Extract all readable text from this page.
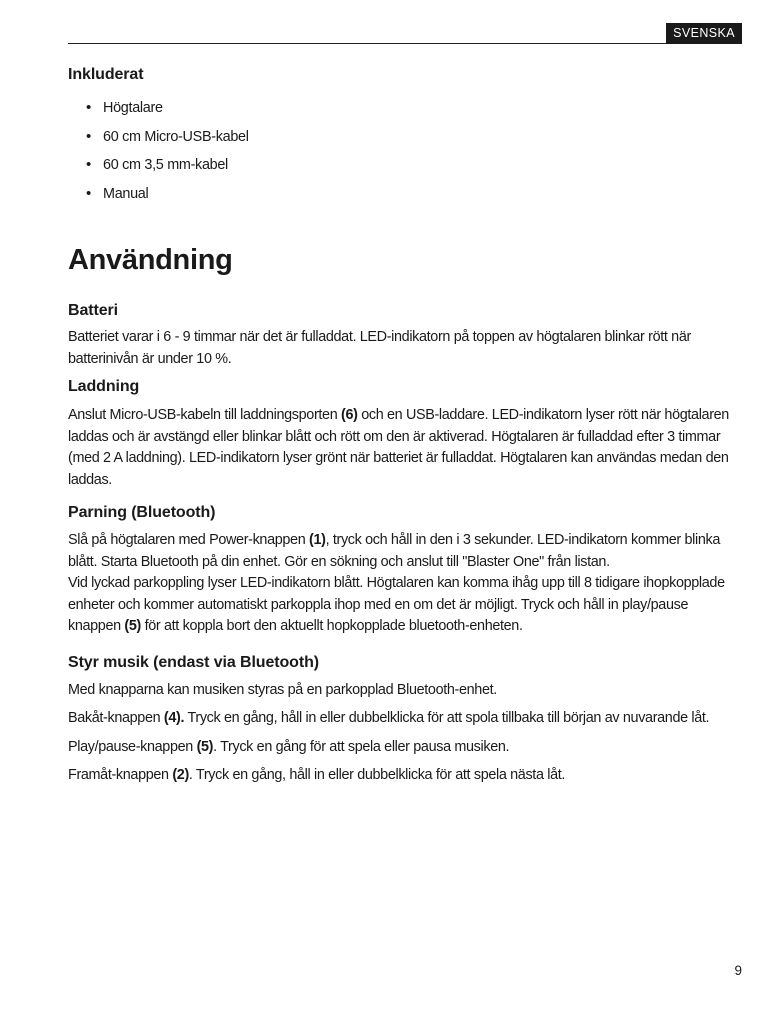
SVENSKA
Inkluderat
• Högtalare
• 60 cm Micro-USB-kabel
• 60 cm 3,5 mm-kabel
• Manual
Användning
Batteri

Batteriet varar i 6 - 9 timmar när det är fulladdat. LED-indikatorn på toppen av högtalaren blinkar rött när batterinivån är under 10 %.

Laddning

Anslut Micro-USB-kabeln till laddningsporten (6) och en USB-laddare. LED-indikatorn lyser rött när högtalaren laddas och är avstängd eller blinkar blått och rött om den är aktiverad. Högtalaren är fulladdad efter 3 timmar (med 2 A laddning). LED-indikatorn lyser grönt när batteriet är fulladdat. Högtalaren kan användas medan den laddas.

Parning (Bluetooth)

Slå på högtalaren med Power-knappen (1), tryck och håll in den i 3 sekunder. LED-indikatorn kommer blinka blått. Starta Bluetooth på din enhet. Gör en sökning och anslut till "Blaster One" från listan.
Vid lyckad parkoppling lyser LED-indikatorn blått. Högtalaren kan komma ihåg upp till 8 tidigare ihopkopplade enheter och kommer automatiskt parkoppla ihop med en om det är möjligt. Tryck och håll in play/pause knappen (5) för att koppla bort den aktuellt hopkopplade bluetooth-enheten.

Styr musik (endast via Bluetooth)

Med knapparna kan musiken styras på en parkopplad Bluetooth-enhet.

Bakåt-knappen (4). Tryck en gång, håll in eller dubbelklicka för att spola tillbaka till början av nuvarande låt.

Play/pause-knappen (5). Tryck en gång för att spela eller pausa musiken.

Framåt-knappen (2). Tryck en gång, håll in eller dubbelklicka för att spela nästa låt.

9
